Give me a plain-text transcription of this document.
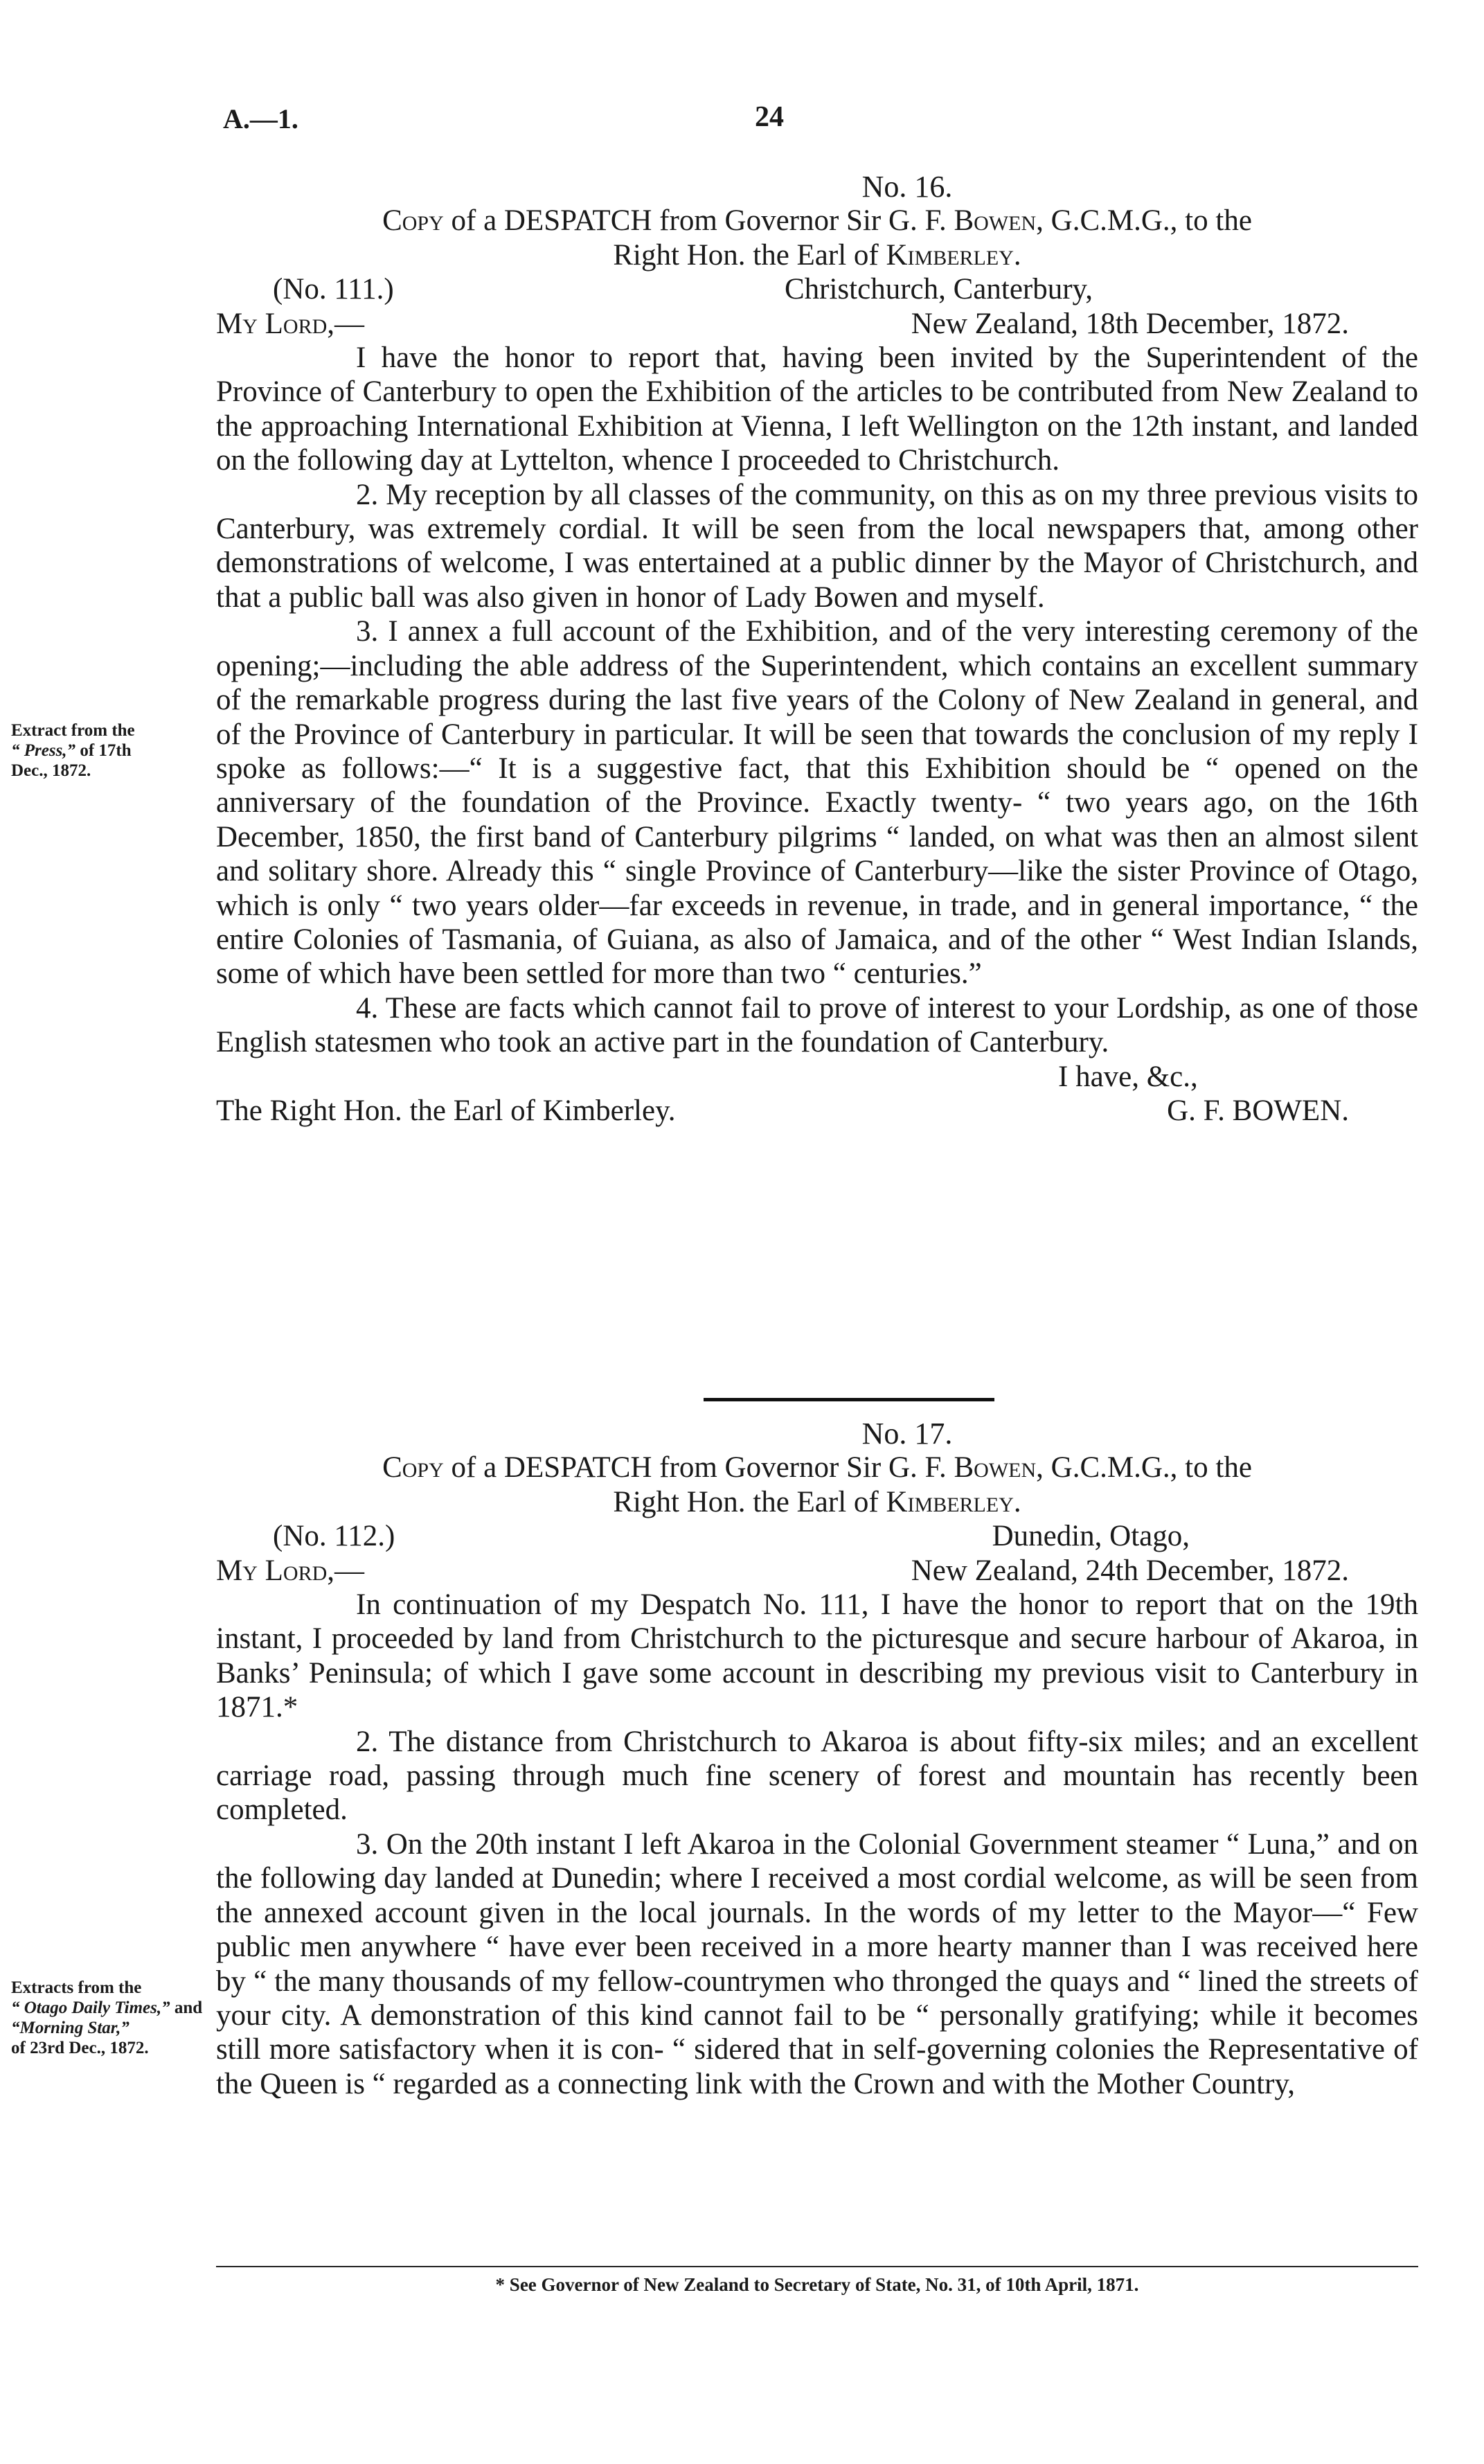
A.—1.	24

No. 16.

Copy of a DESPATCH from Governor Sir G. F. Bowen, G.C.M.G., to the

Right Hon. the Earl of Kimberley.

(No. 111.)	Christchurch, Canterbury,
My Lord,—	New Zealand, 18th December, 1872.

I have the honor to report that, having been invited by the Superintendent of the Province of Canterbury to open the Exhibition of the articles to be contributed from New Zealand to the approaching International Exhibition at Vienna, I left Wellington on the 12th instant, and landed on the following day at Lyttelton, whence I proceeded to Christchurch.

2. My reception by all classes of the community, on this as on my three previous visits to Canterbury, was extremely cordial. It will be seen from the local newspapers that, among other demonstrations of welcome, I was entertained at a public dinner by the Mayor of Christchurch, and that a public ball was also given in honor of Lady Bowen and myself.

3. I annex a full account of the Exhibition, and of the very interesting ceremony of the opening;—including the able address of the Superintendent, which contains an excellent summary of the remarkable progress during the last five years of the Colony of New Zealand in general, and of the Province of Canterbury in particular. It will be seen that towards the conclusion of my reply I spoke as follows:—“ It is a suggestive fact, that this Exhibition should be “ opened on the anniversary of the foundation of the Province. Exactly twenty- “ two years ago, on the 16th December, 1850, the first band of Canterbury pilgrims “ landed, on what was then an almost silent and solitary shore. Already this “ single Province of Canterbury—like the sister Province of Otago, which is only “ two years older—far exceeds in revenue, in trade, and in general importance, “ the entire Colonies of Tasmania, of Guiana, as also of Jamaica, and of the other “ West Indian Islands, some of which have been settled for more than two “ centuries.”

4. These are facts which cannot fail to prove of interest to your Lordship, as one of those English statesmen who took an active part in the foundation of Canterbury.

I have, &c.,

The Right Hon. the Earl of Kimberley.	G. F. BOWEN.
Extract from the
“ Press,” of 17th
Dec., 1872.

No. 17.

Copy of a DESPATCH from Governor Sir G. F. Bowen, G.C.M.G., to the

Right Hon. the Earl of Kimberley.

(No. 112.)	Dunedin, Otago,
My Lord,—	New Zealand, 24th December, 1872.

In continuation of my Despatch No. 111, I have the honor to report that on the 19th instant, I proceeded by land from Christchurch to the picturesque and secure harbour of Akaroa, in Banks’ Peninsula; of which I gave some account in describing my previous visit to Canterbury in 1871.*

2. The distance from Christchurch to Akaroa is about fifty-six miles; and an excellent carriage road, passing through much fine scenery of forest and mountain has recently been completed.

3. On the 20th instant I left Akaroa in the Colonial Government steamer “ Luna,” and on the following day landed at Dunedin; where I received a most cordial welcome, as will be seen from the annexed account given in the local journals. In the words of my letter to the Mayor—“ Few public men anywhere “ have ever been received in a more hearty manner than I was received here by “ the many thousands of my fellow-countrymen who thronged the quays and “ lined the streets of your city. A demonstration of this kind cannot fail to be “ personally gratifying; while it becomes still more satisfactory when it is con- “ sidered that in self-governing colonies the Representative of the Queen is “ regarded as a connecting link with the Crown and with the Mother Country,

Extracts from the
“ Otago Daily Times,” and
“Morning Star,”
of 23rd Dec., 1872.
* See Governor of New Zealand to Secretary of State, No. 31, of 10th April, 1871.
